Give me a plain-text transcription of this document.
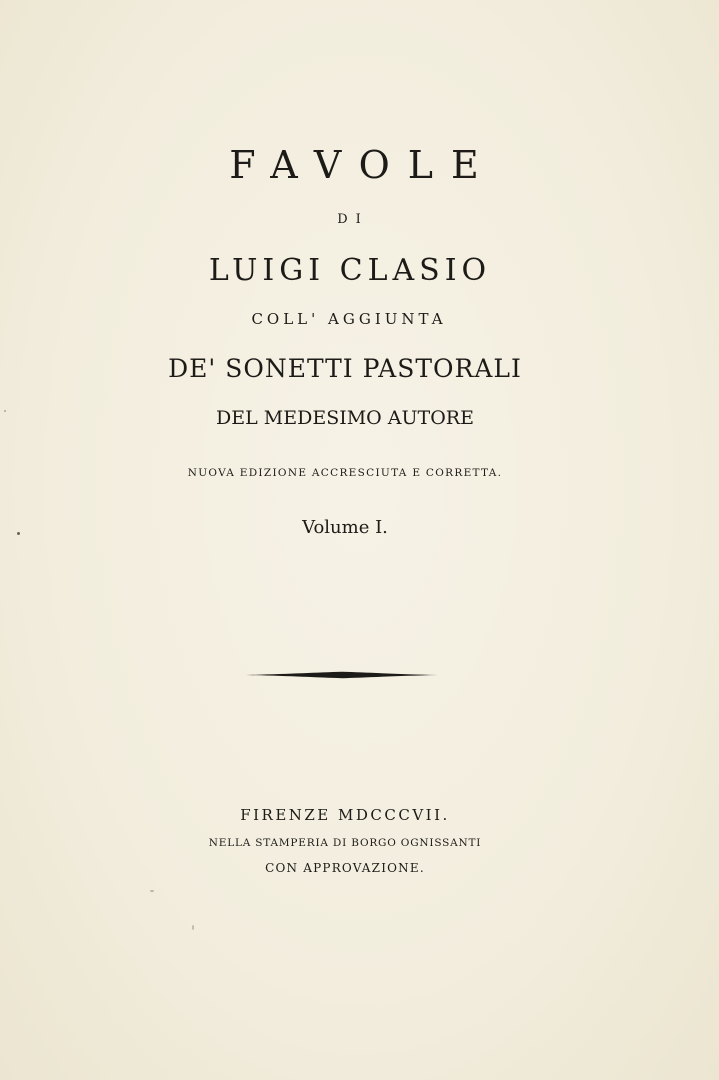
FAVOLE
DI
LUIGI CLASIO
COLL' AGGIUNTA
DE' SONETTI PASTORALI
DEL MEDESIMO AUTORE
NUOVA EDIZIONE ACCRESCIUTA E CORRETTA.
Volume I.
FIRENZE MDCCCVII.
NELLA STAMPERIA DI BORGO OGNISSANTI
CON APPROVAZIONE.
